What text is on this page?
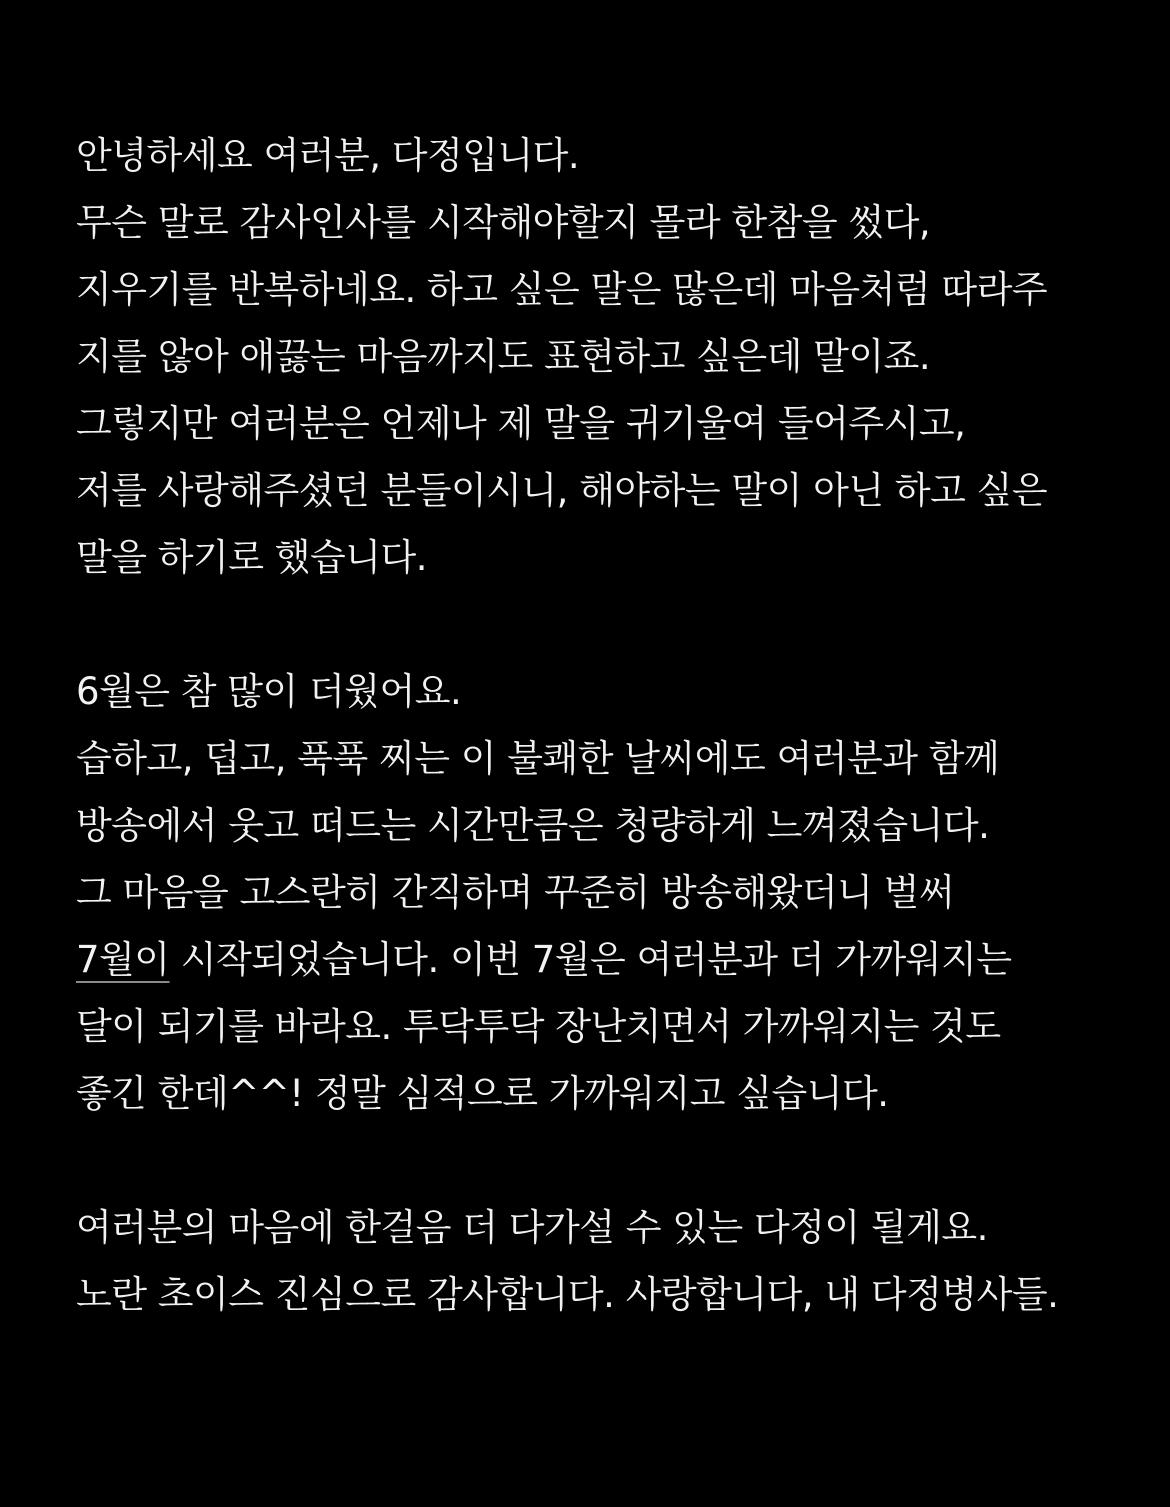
안녕하세요 여러분, 다정입니다.
무슨 말로 감사인사를 시작해야할지 몰라 한참을 썼다,
지우기를 반복하네요. 하고 싶은 말은 많은데 마음처럼 따라주
지를 않아 애끓는 마음까지도 표현하고 싶은데 말이죠.
그렇지만 여러분은 언제나 제 말을 귀기울여 들어주시고,
저를 사랑해주셨던 분들이시니, 해야하는 말이 아닌 하고 싶은
말을 하기로 했습니다.

6월은 참 많이 더웠어요.
습하고, 덥고, 푹푹 찌는 이 불쾌한 날씨에도 여러분과 함께
방송에서 웃고 떠드는 시간만큼은 청량하게 느껴졌습니다.
그 마음을 고스란히 간직하며 꾸준히 방송해왔더니 벌써
7월이 시작되었습니다. 이번 7월은 여러분과 더 가까워지는
달이 되기를 바라요. 투닥투닥 장난치면서 가까워지는 것도
좋긴 한데^^! 정말 심적으로 가까워지고 싶습니다.

여러분의 마음에 한걸음 더 다가설 수 있는 다정이 될게요.
노란 초이스 진심으로 감사합니다. 사랑합니다, 내 다정병사들.
